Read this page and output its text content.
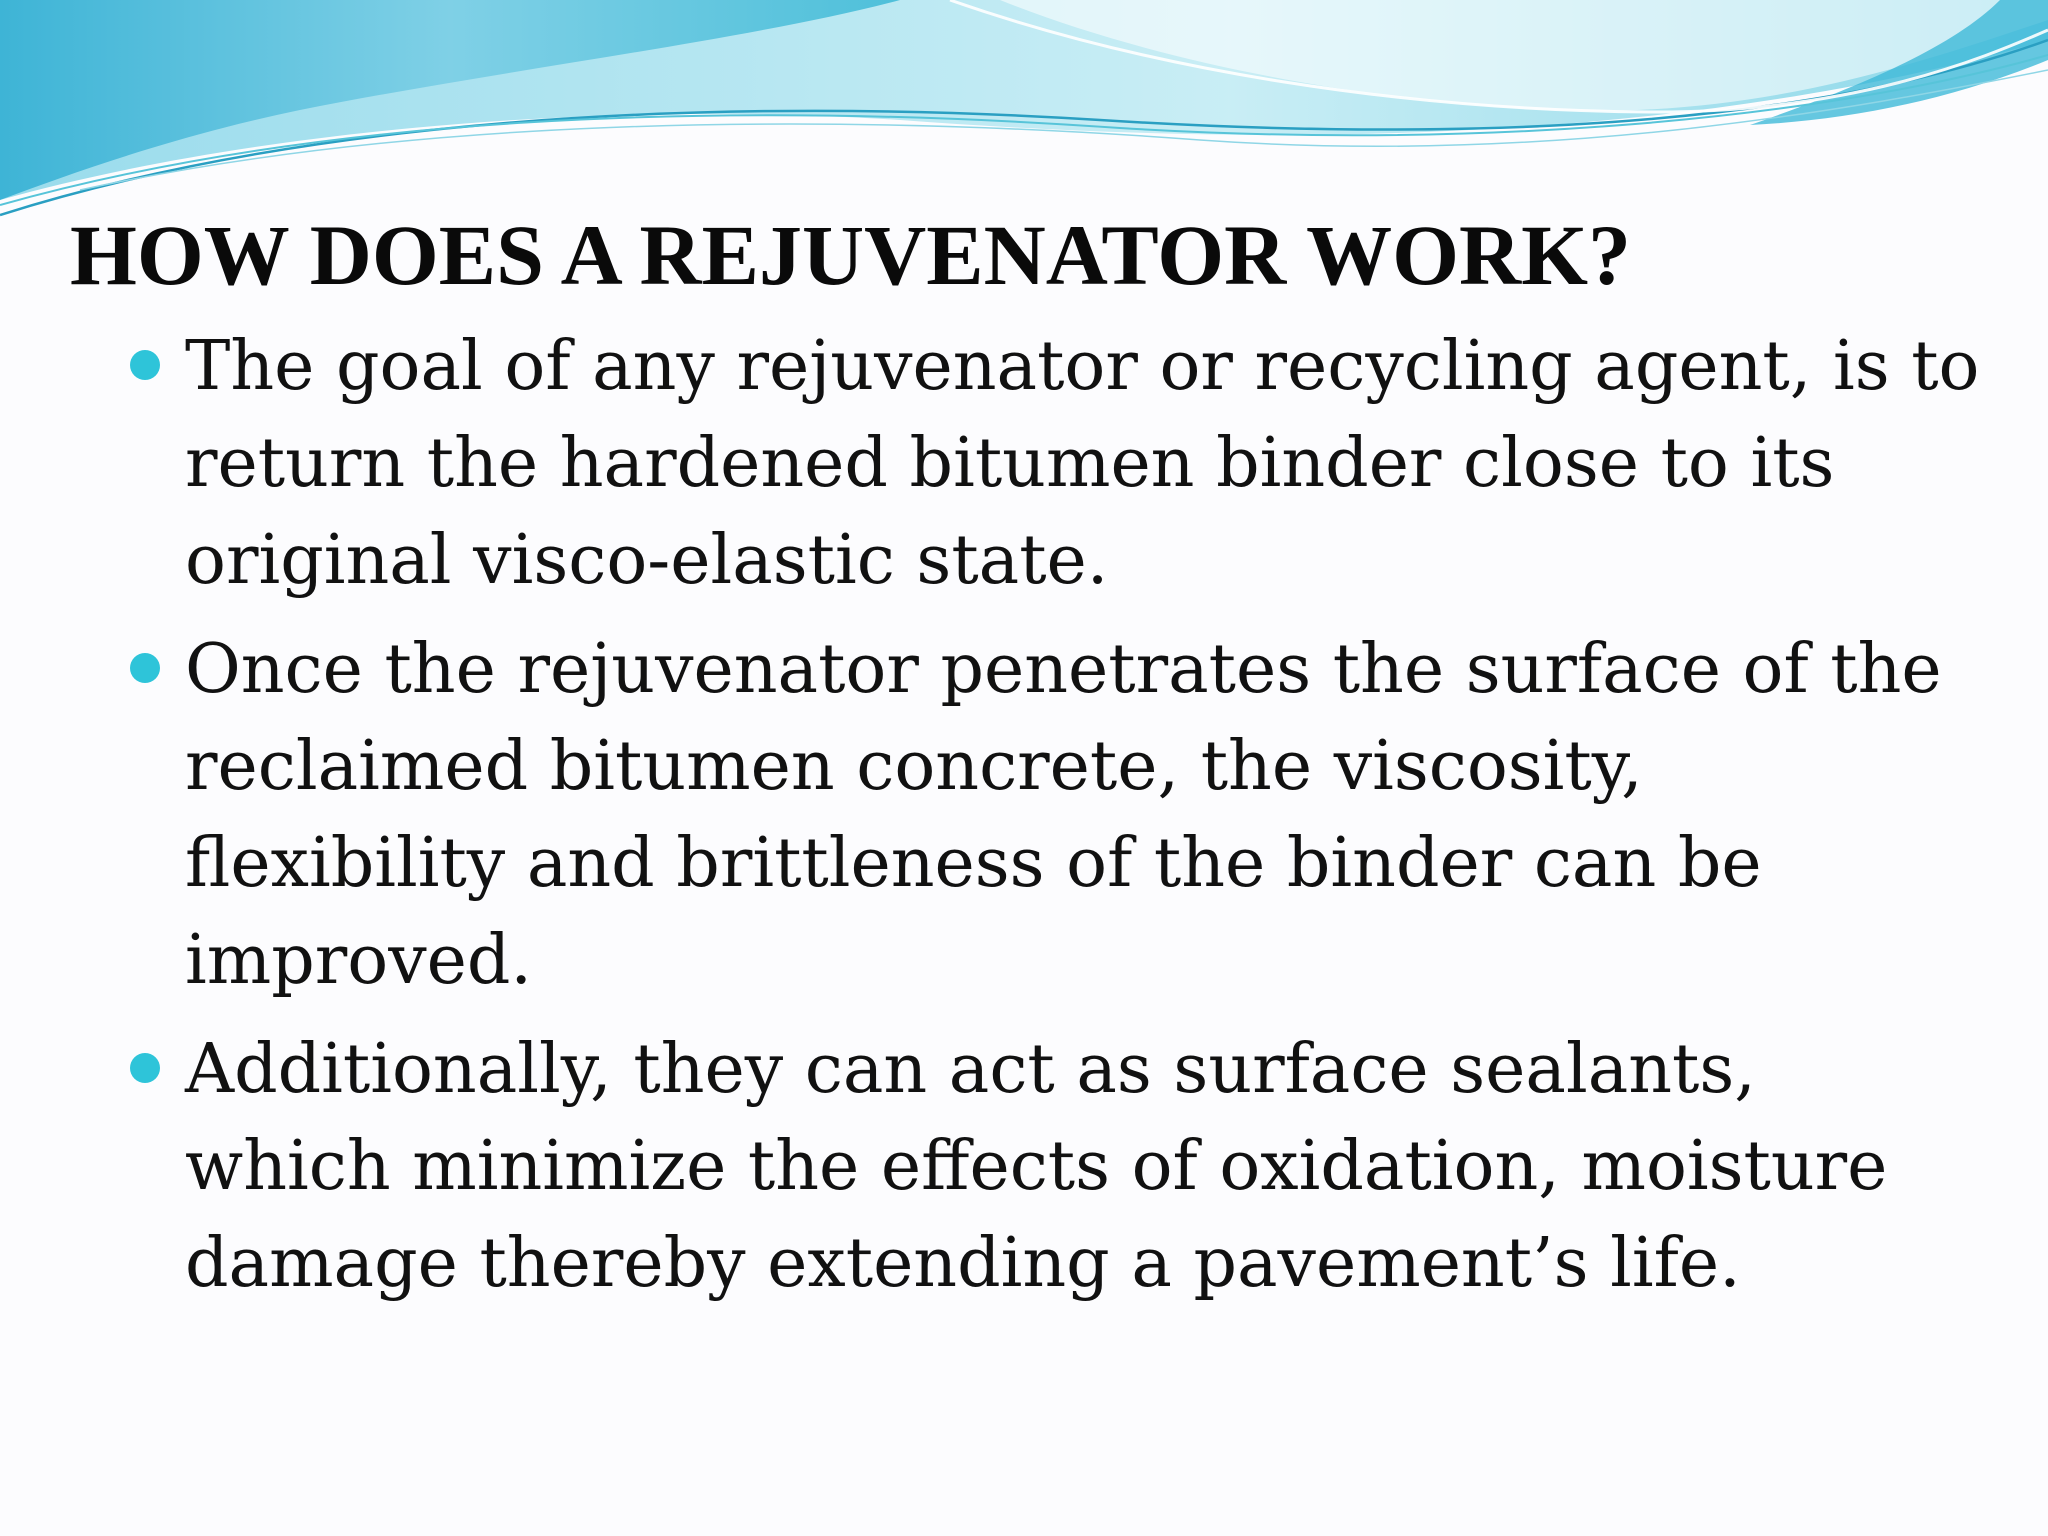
HOW DOES A REJUVENATOR WORK?
The goal of any rejuvenator or recycling agent, is to
return the hardened bitumen binder close to its
original visco-elastic state.
Once the rejuvenator penetrates the surface of the
reclaimed bitumen concrete, the viscosity,
flexibility and brittleness of the binder can be
improved.
Additionally, they can act as surface sealants,
which minimize the effects of oxidation, moisture
damage thereby extending a pavement’s life.
